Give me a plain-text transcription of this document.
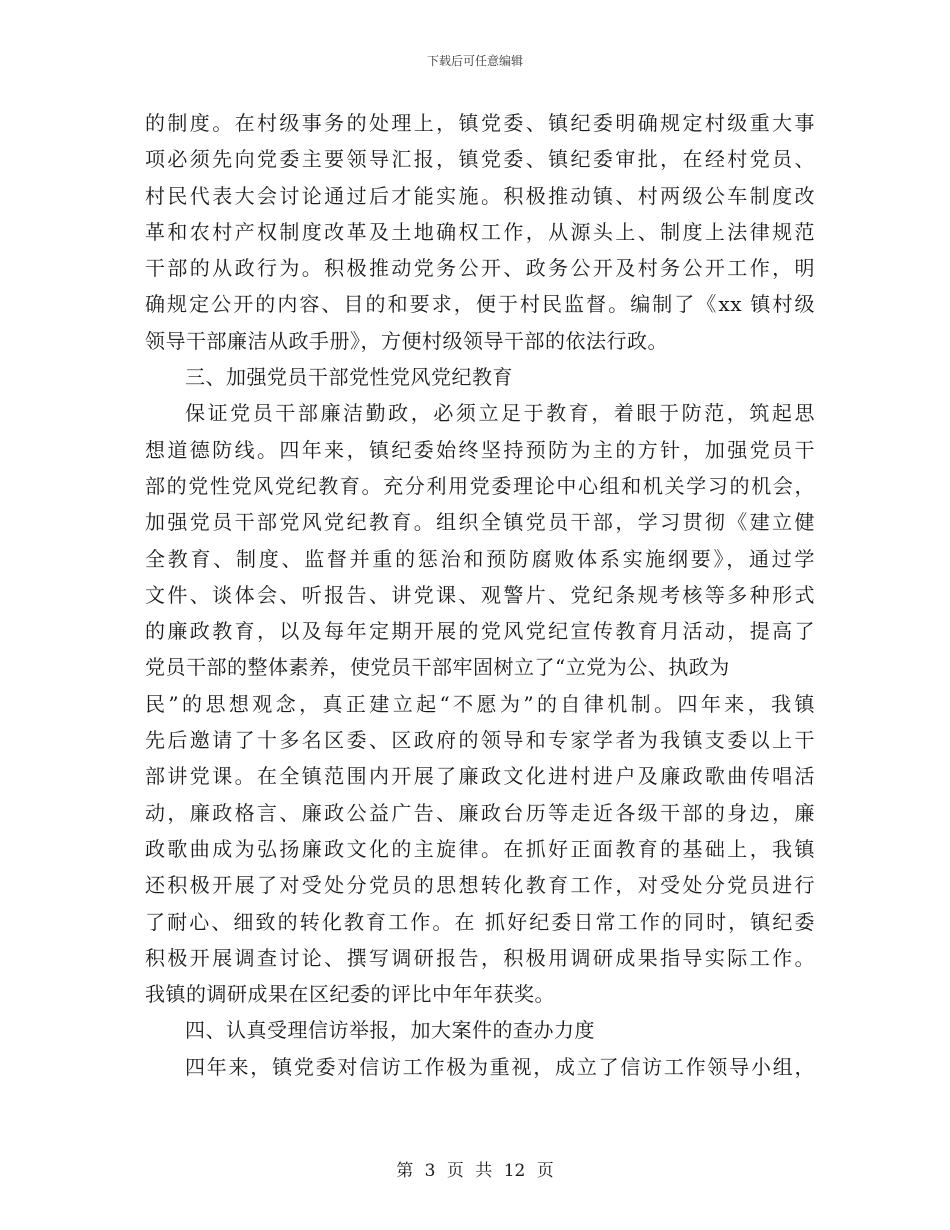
下载后可任意编辑
的制度。在村级事务的处理上，镇党委、镇纪委明确规定村级重大事
项必须先向党委主要领导汇报，镇党委、镇纪委审批，在经村党员、
村民代表大会讨论通过后才能实施。积极推动镇、村两级公车制度改
革和农村产权制度改革及土地确权工作，从源头上、制度上法律规范
干部的从政行为。积极推动党务公开、政务公开及村务公开工作，明
确规定公开的内容、目的和要求，便于村民监督。编制了《xx 镇村级
领导干部廉洁从政手册》，方便村级领导干部的依法行政。
三、加强党员干部党性党风党纪教育
保证党员干部廉洁勤政，必须立足于教育，着眼于防范，筑起思
想道德防线。四年来，镇纪委始终坚持预防为主的方针，加强党员干
部的党性党风党纪教育。充分利用党委理论中心组和机关学习的机会，
加强党员干部党风党纪教育。组织全镇党员干部，学习贯彻《建立健
全教育、制度、监督并重的惩治和预防腐败体系实施纲要》，通过学
文件、谈体会、听报告、讲党课、观警片、党纪条规考核等多种形式
的廉政教育，以及每年定期开展的党风党纪宣传教育月活动，提高了
党员干部的整体素养，使党员干部牢固树立了“立党为公、执政为
民”的思想观念，真正建立起“不愿为”的自律机制。四年来，我镇
先后邀请了十多名区委、区政府的领导和专家学者为我镇支委以上干
部讲党课。在全镇范围内开展了廉政文化进村进户及廉政歌曲传唱活
动，廉政格言、廉政公益广告、廉政台历等走近各级干部的身边，廉
政歌曲成为弘扬廉政文化的主旋律。在抓好正面教育的基础上，我镇
还积极开展了对受处分党员的思想转化教育工作，对受处分党员进行
了耐心、细致的转化教育工作。在 抓好纪委日常工作的同时，镇纪委
积极开展调查讨论、撰写调研报告，积极用调研成果指导实际工作。
我镇的调研成果在区纪委的评比中年年获奖。
四、认真受理信访举报，加大案件的查办力度
四年来，镇党委对信访工作极为重视，成立了信访工作领导小组，
第 3 页 共 12 页
